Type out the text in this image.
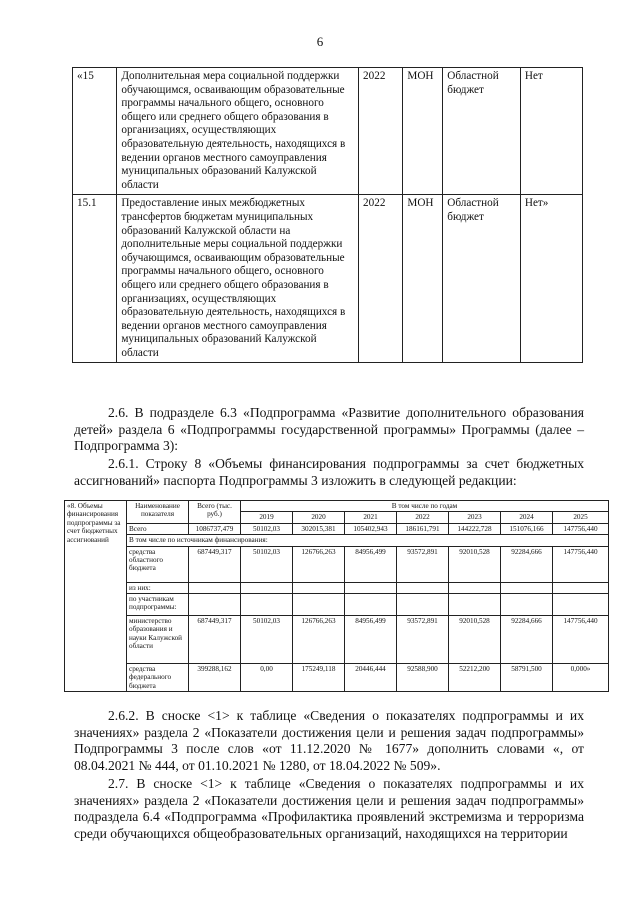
6
«15	Дополнительная мера социальной поддержки обучающимся, осваивающим образовательные программы начального общего, основного общего или среднего общего образования в организациях, осуществляющих образовательную деятельность, находящихся в ведении органов местного самоуправления муниципальных образований Калужской области	2022	МОН	Областной бюджет	Нет
15.1	Предоставление иных межбюджетных трансфертов бюджетам муниципальных образований Калужской области на дополнительные меры социальной поддержки обучающимся, осваивающим образовательные программы начального общего, основного общего или среднего общего образования в организациях, осуществляющих образовательную деятельность, находящихся в ведении органов местного самоуправления муниципальных образований Калужской области	2022	МОН	Областной бюджет	Нет»
2.6. В подразделе 6.3 «Подпрограмма «Развитие дополнительного образования детей» раздела 6 «Подпрограммы государственной программы» Программы (далее – Подпрограмма 3):
2.6.1. Строку 8 «Объемы финансирования подпрограммы за счет бюджетных ассигнований» паспорта Подпрограммы 3 изложить в следующей редакции:
«8. Объемы финансирования подпрограммы за счет бюджетных ассигнований	Наименование показателя	Всего (тыс. руб.)	В том числе по годам						
			2019	2020	2021	2022	2023	2024	2025
	Всего	1086737,479	50102,03	302015,381	105402,943	186161,791	144222,728	151076,166	147756,440
	В том числе по источникам финансирования:								
	средства областного бюджета	687449,317	50102,03	126766,263	84956,499	93572,891	92010,528	92284,666	147756,440
	из них:								
	по участникам подпрограммы:								
	министерство образования и науки Калужской области	687449,317	50102,03	126766,263	84956,499	93572,891	92010,528	92284,666	147756,440
	средства федерального бюджета	399288,162	0,00	175249,118	20446,444	92588,900	52212,200	58791,500	0,000»
2.6.2. В сноске <1> к таблице «Сведения о показателях подпрограммы и их значениях» раздела 2 «Показатели достижения цели и решения задач подпрограммы» Подпрограммы 3 после слов «от 11.12.2020 № 1677» дополнить словами «, от 08.04.2021 № 444, от 01.10.2021 № 1280, от 18.04.2022 № 509».
2.7. В сноске <1> к таблице «Сведения о показателях подпрограммы и их значениях» раздела 2 «Показатели достижения цели и решения задач подпрограммы» подраздела 6.4 «Подпрограмма «Профилактика проявлений экстремизма и терроризма среди обучающихся общеобразовательных организаций, находящихся на территории
